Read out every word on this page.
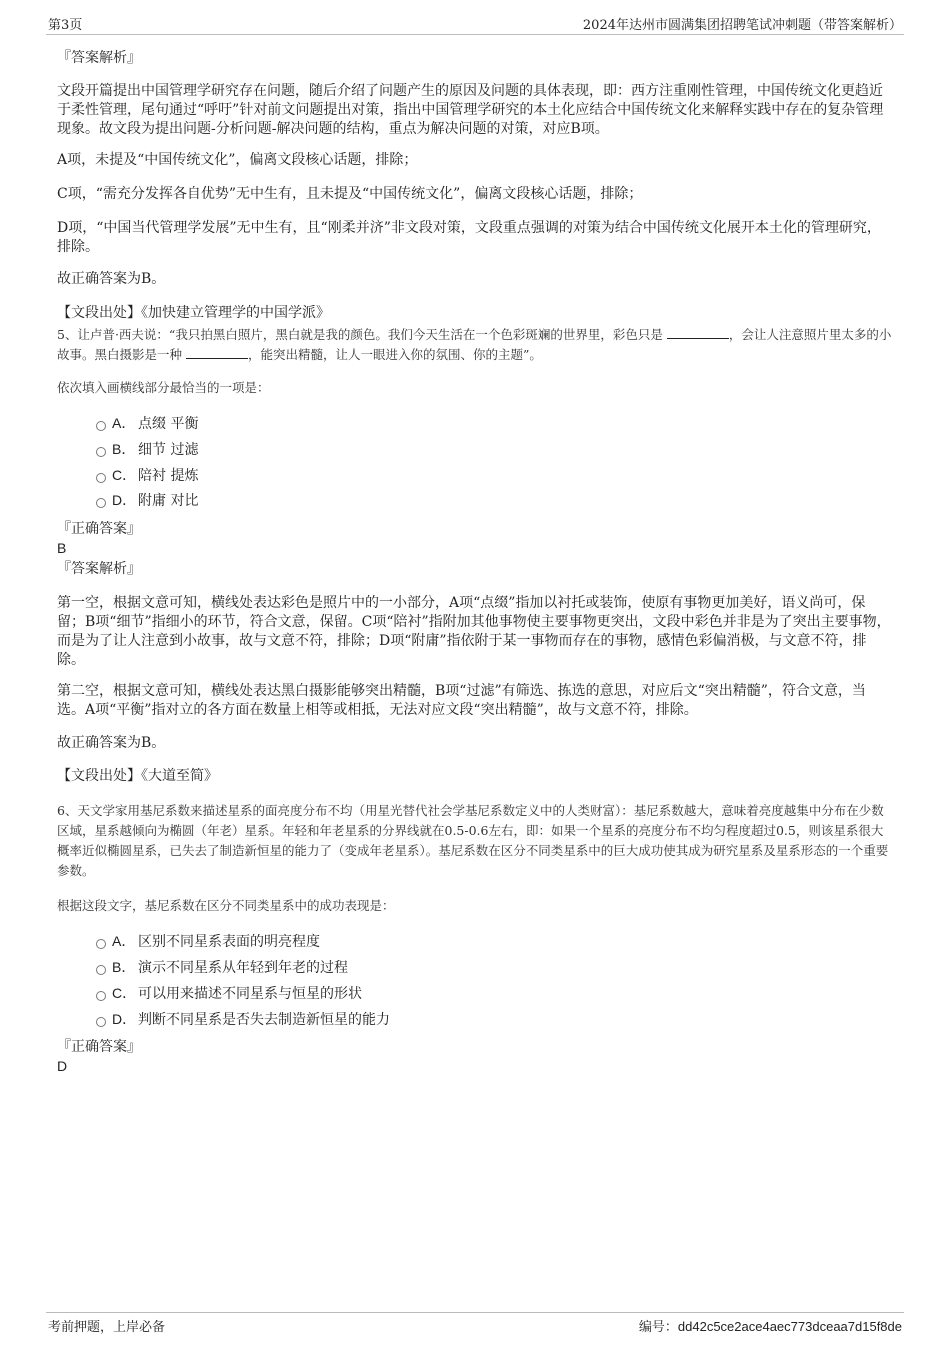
第3页	2024年达州市圆满集团招聘笔试冲刺题（带答案解析）
『答案解析』
文段开篇提出中国管理学研究存在问题，随后介绍了问题产生的原因及问题的具体表现，即：西方注重刚性管理，中国传统文化更趋近于柔性管理，尾句通过“呼吁”针对前文问题提出对策，指出中国管理学研究的本土化应结合中国传统文化来解释实践中存在的复杂管理现象。故文段为提出问题-分析问题-解决问题的结构，重点为解决问题的对策，对应B项。
A项，未提及“中国传统文化”，偏离文段核心话题，排除；
C项，“需充分发挥各自优势”无中生有，且未提及“中国传统文化”，偏离文段核心话题，排除；
D项，“中国当代管理学发展”无中生有，且“刚柔并济”非文段对策，文段重点强调的对策为结合中国传统文化展开本土化的管理研究，排除。
故正确答案为B。
【文段出处】《加快建立管理学的中国学派》
5、让卢普·西夫说：“我只拍黑白照片，黑白就是我的颜色。我们今天生活在一个色彩斑斓的世界里，彩色只是	，会让人注意照片里太多的小故事。黑白摄影是一种	，能突出精髓，让人一眼进入你的氛围、你的主题”。
依次填入画横线部分最恰当的一项是：
A． 点缀 平衡
B． 细节 过滤
C． 陪衬 提炼
D． 附庸 对比
『正确答案』
B
『答案解析』
第一空，根据文意可知，横线处表达彩色是照片中的一小部分，A项“点缀”指加以衬托或装饰，使原有事物更加美好，语义尚可，保留；B项“细节”指细小的环节，符合文意，保留。C项“陪衬”指附加其他事物使主要事物更突出，文段中彩色并非是为了突出主要事物，而是为了让人注意到小故事，故与文意不符，排除；D项“附庸”指依附于某一事物而存在的事物，感情色彩偏消极，与文意不符，排除。
第二空，根据文意可知，横线处表达黑白摄影能够突出精髓，B项“过滤”有筛选、拣选的意思，对应后文“突出精髓”，符合文意，当选。A项“平衡”指对立的各方面在数量上相等或相抵，无法对应文段“突出精髓”，故与文意不符，排除。
故正确答案为B。
【文段出处】《大道至简》
6、天文学家用基尼系数来描述星系的面亮度分布不均（用星光替代社会学基尼系数定义中的人类财富）：基尼系数越大，意味着亮度越集中分布在少数区域，星系越倾向为椭圆（年老）星系。年轻和年老星系的分界线就在0.5-0.6左右，即：如果一个星系的亮度分布不均匀程度超过0.5，则该星系很大概率近似椭圆星系，已失去了制造新恒星的能力了（变成年老星系）。基尼系数在区分不同类星系中的巨大成功使其成为研究星系及星系形态的一个重要参数。
根据这段文字，基尼系数在区分不同类星系中的成功表现是：
A． 区别不同星系表面的明亮程度
B． 演示不同星系从年轻到年老的过程
C． 可以用来描述不同星系与恒星的形状
D． 判断不同星系是否失去制造新恒星的能力
『正确答案』
D
考前押题，上岸必备	编号：dd42c5ce2ace4aec773dceaa7d15f8de
